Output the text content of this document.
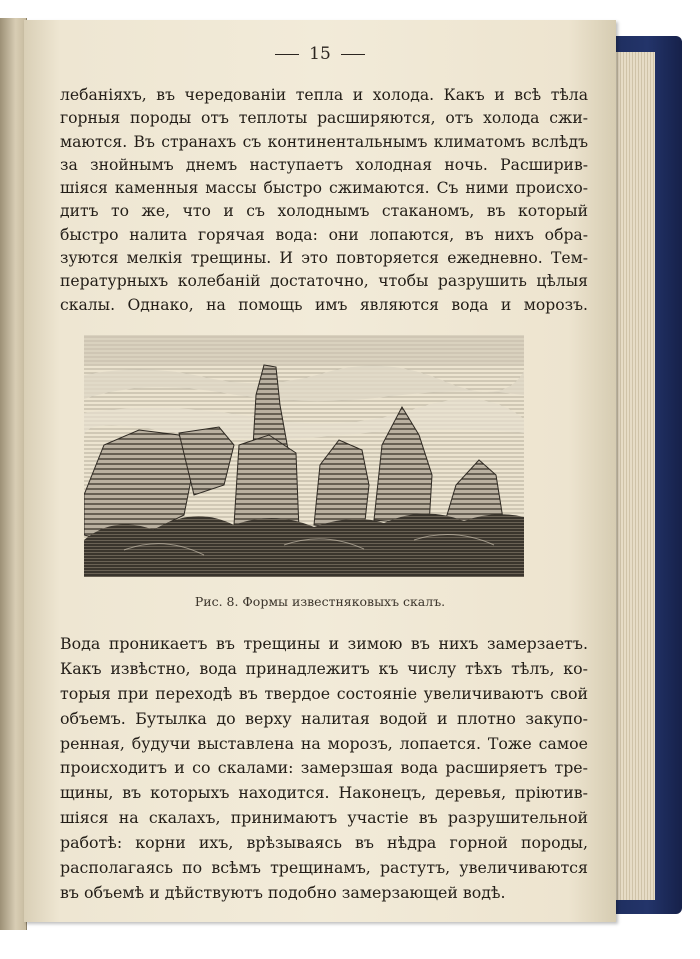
15
лебаніяхъ, въ чередованіи тепла и холода. Какъ и всѣ тѣла
горныя породы отъ теплоты расширяются, отъ холода сжи-
маются. Въ странахъ съ континентальнымъ климатомъ вслѣдъ
за знойнымъ днемъ наступаетъ холодная ночь. Расширив-
шіяся каменныя массы быстро сжимаются. Съ ними происхо-
дитъ то же, что и съ холоднымъ стаканомъ, въ который
быстро налита горячая вода: они лопаются, въ нихъ обра-
зуются мелкія трещины. И это повторяется ежедневно. Тем-
пературныхъ колебаній достаточно, чтобы разрушить цѣлыя
скалы. Однако, на помощь имъ являются вода и морозъ.
Рис. 8. Формы известняковыхъ скалъ.
Вода проникаетъ въ трещины и зимою въ нихъ замерзаетъ.
Какъ извѣстно, вода принадлежитъ къ числу тѣхъ тѣлъ, ко-
торыя при переходѣ въ твердое состояніе увеличиваютъ свой
объемъ. Бутылка до верху налитая водой и плотно закупо-
ренная, будучи выставлена на морозъ, лопается. Тоже самое
происходитъ и со скалами: замерзшая вода расширяетъ тре-
щины, въ которыхъ находится. Наконецъ, деревья, пріютив-
шіяся на скалахъ, принимаютъ участіе въ разрушительной
работѣ: корни ихъ, врѣзываясь въ нѣдра горной породы,
располагаясь по всѣмъ трещинамъ, растутъ, увеличиваются
въ объемѣ и дѣйствуютъ подобно замерзающей водѣ.
